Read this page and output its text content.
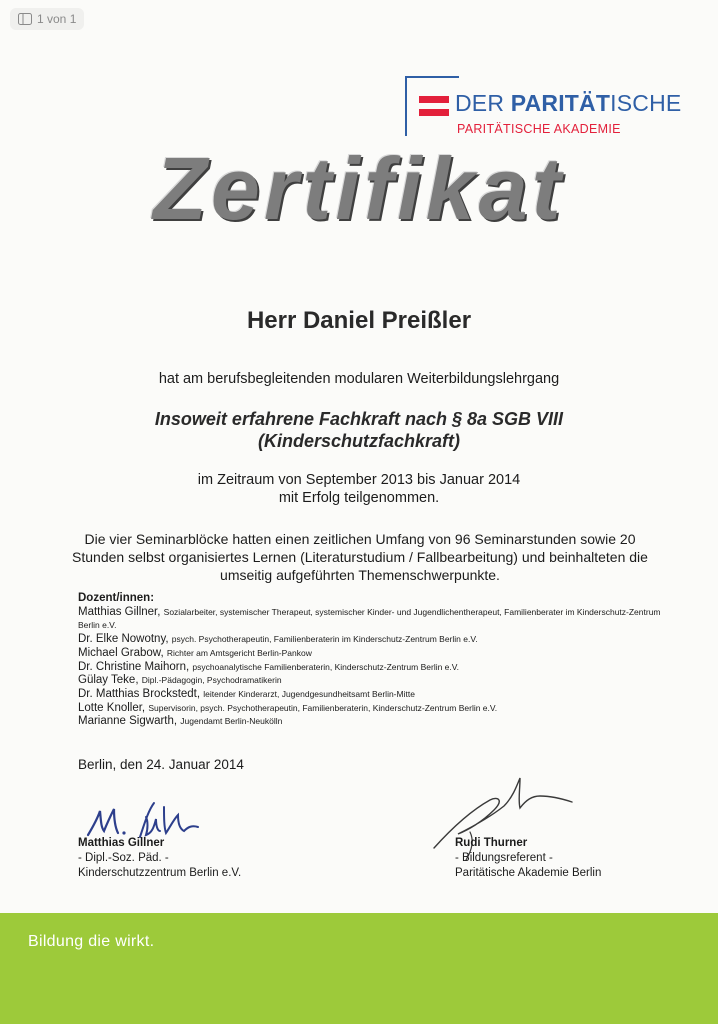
1 von 1
DER PARITÄTISCHE
PARITÄTISCHE AKADEMIE
Zertifikat
Herr Daniel Preißler
hat am berufsbegleitenden modularen Weiterbildungslehrgang
Insoweit erfahrene Fachkraft nach § 8a SGB VIII
(Kinderschutzfachkraft)
im Zeitraum von September 2013 bis Januar 2014
mit Erfolg teilgenommen.
Die vier Seminarblöcke hatten einen zeitlichen Umfang von 96 Seminarstunden sowie 20 Stunden selbst organisiertes Lernen (Literaturstudium / Fallbearbeitung) und beinhalteten die umseitig aufgeführten Themenschwerpunkte.
Dozent/innen:
Matthias Gillner, Sozialarbeiter, systemischer Therapeut, systemischer Kinder- und Jugendlichentherapeut, Familienberater im Kinderschutz-Zentrum Berlin e.V.
Dr. Elke Nowotny, psych. Psychotherapeutin, Familienberaterin im Kinderschutz-Zentrum Berlin e.V.
Michael Grabow, Richter am Amtsgericht Berlin-Pankow
Dr. Christine Maihorn, psychoanalytische Familienberaterin, Kinderschutz-Zentrum Berlin e.V.
Gülay Teke, Dipl.-Pädagogin, Psychodramatikerin
Dr. Matthias Brockstedt, leitender Kinderarzt, Jugendgesundheitsamt Berlin-Mitte
Lotte Knoller, Supervisorin, psych. Psychotherapeutin, Familienberaterin, Kinderschutz-Zentrum Berlin e.V.
Marianne Sigwarth, Jugendamt Berlin-Neukölln
Berlin, den 24. Januar 2014
Matthias Gillner
- Dipl.-Soz. Päd. -
Kinderschutzzentrum Berlin e.V.
Rudi Thurner
- Bildungsreferent -
Paritätische Akademie Berlin
Bildung die wirkt.
